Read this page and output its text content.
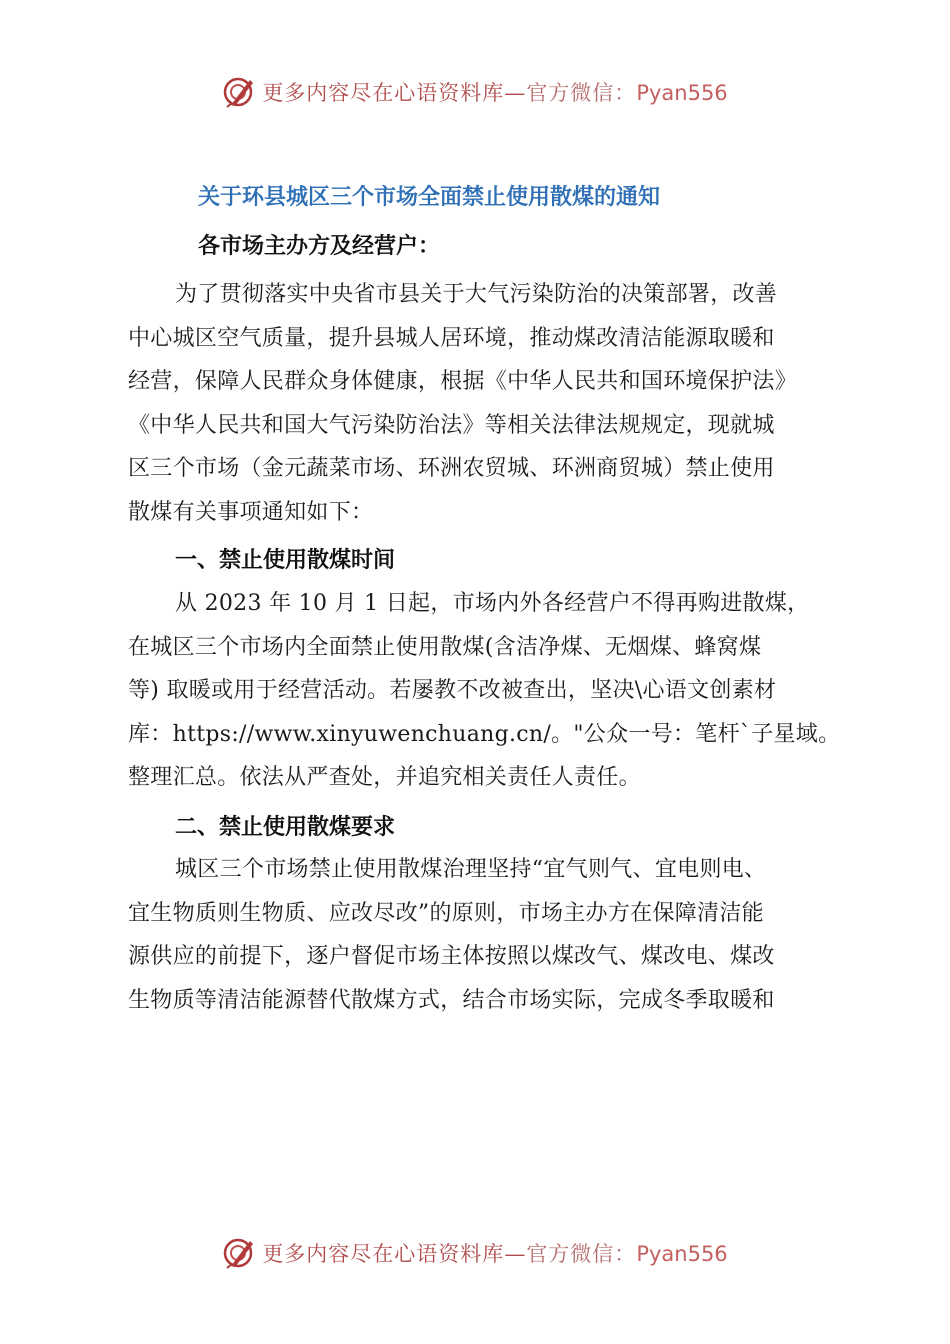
更多内容尽在心语资料库—官方微信：Pyan556
关于环县城区三个市场全面禁止使用散煤的通知
各市场主办方及经营户：

为了贯彻落实中央省市县关于大气污染防治的决策部署，改善
中心城区空气质量，提升县城人居环境，推动煤改清洁能源取暖和
经营，保障人民群众身体健康，根据《中华人民共和国环境保护法》
《中华人民共和国大气污染防治法》等相关法律法规规定，现就城
区三个市场（金元蔬菜市场、环洲农贸城、环洲商贸城）禁止使用
散煤有关事项通知如下：

一、禁止使用散煤时间

从 2023 年 10 月 1 日起，市场内外各经营户不得再购进散煤，
在城区三个市场内全面禁止使用散煤(含洁净煤、无烟煤、蜂窝煤
等) 取暖或用于经营活动。若屡教不改被查出，坚决\心语文创素材
库：https://www.xinyuwenchuang.cn/。"公众一号：笔杆`子星域。
整理汇总。依法从严查处，并追究相关责任人责任。

二、禁止使用散煤要求

城区三个市场禁止使用散煤治理坚持“宜气则气、宜电则电、
宜生物质则生物质、应改尽改”的原则，市场主办方在保障清洁能
源供应的前提下，逐户督促市场主体按照以煤改气、煤改电、煤改
生物质等清洁能源替代散煤方式，结合市场实际，完成冬季取暖和

更多内容尽在心语资料库—官方微信：Pyan556
